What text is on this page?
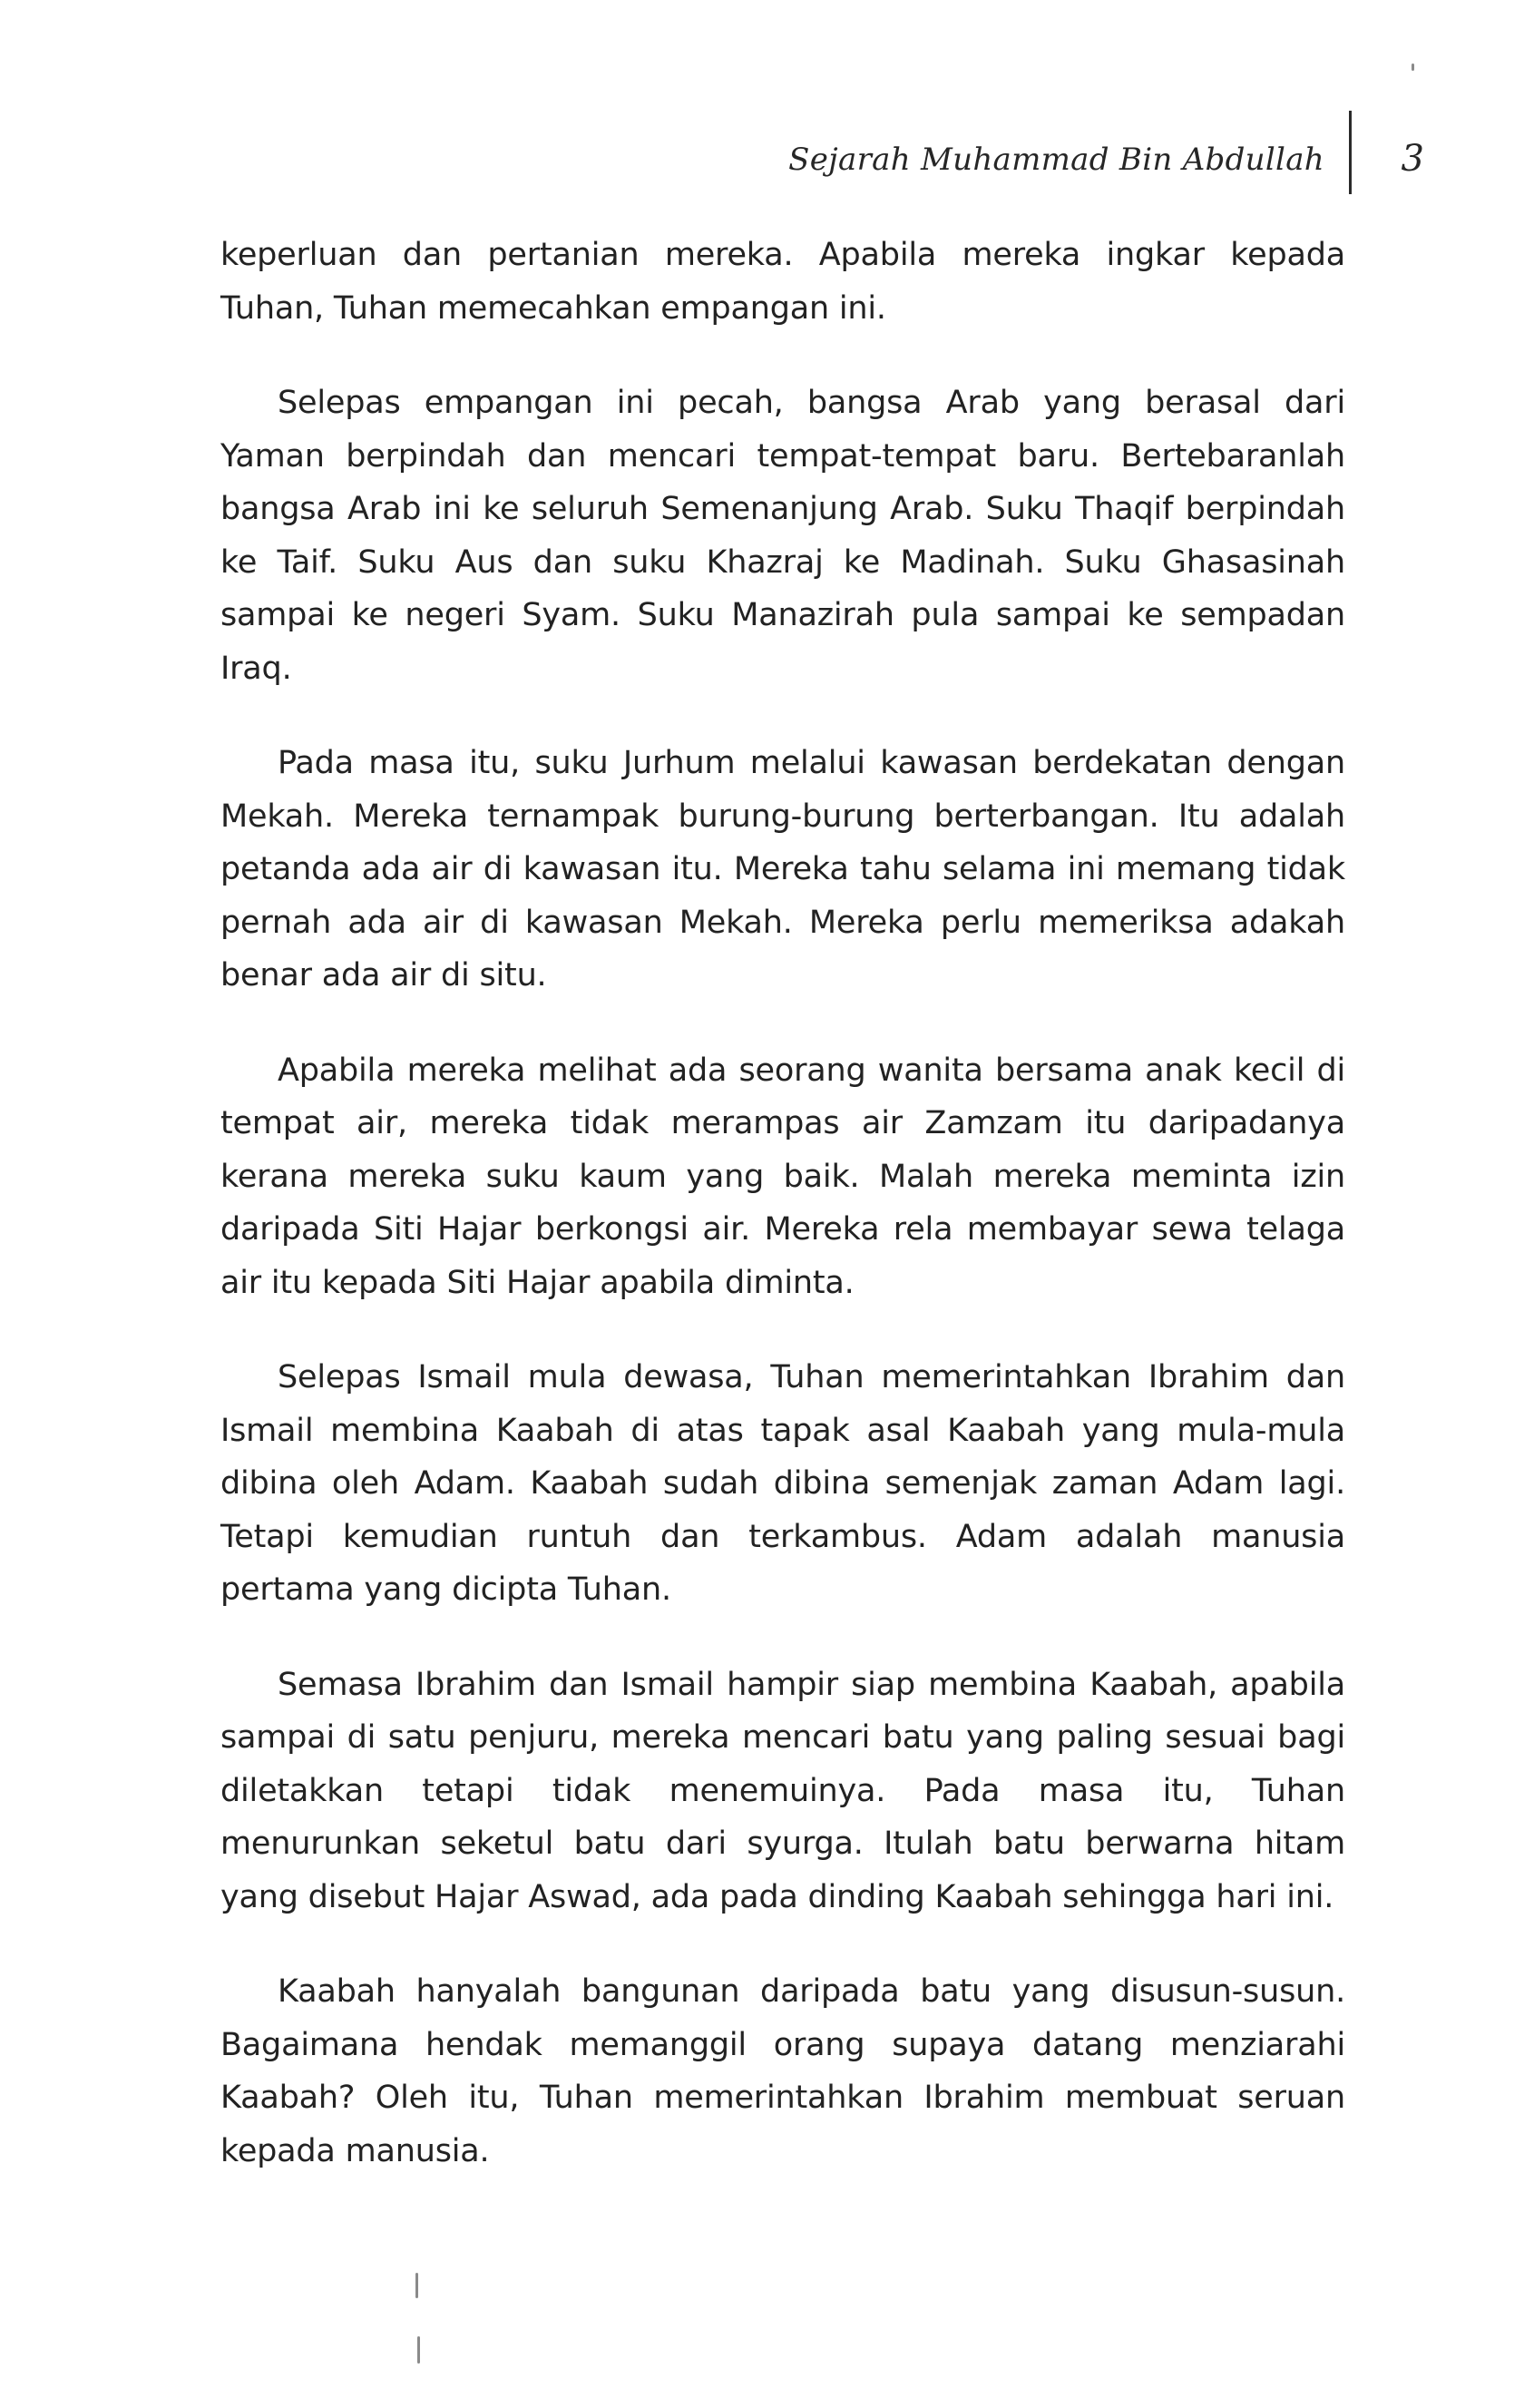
Sejarah Muhammad Bin Abdullah 3

keperluan dan pertanian mereka. Apabila mereka ingkar kepada Tuhan, Tuhan memecahkan empangan ini.

Selepas empangan ini pecah, bangsa Arab yang berasal dari Yaman berpindah dan mencari tempat-tempat baru. Bertebaranlah bangsa Arab ini ke seluruh Semenanjung Arab. Suku Thaqif berpindah ke Taif. Suku Aus dan suku Khazraj ke Madinah. Suku Ghasasinah sampai ke negeri Syam. Suku Manazirah pula sampai ke sempadan Iraq.

Pada masa itu, suku Jurhum melalui kawasan berdekatan dengan Mekah. Mereka ternampak burung-burung berterbangan. Itu adalah petanda ada air di kawasan itu. Mereka tahu selama ini memang tidak pernah ada air di kawasan Mekah. Mereka perlu memeriksa adakah benar ada air di situ.

Apabila mereka melihat ada seorang wanita bersama anak kecil di tempat air, mereka tidak merampas air Zamzam itu daripadanya kerana mereka suku kaum yang baik. Malah mereka meminta izin daripada Siti Hajar berkongsi air. Mereka rela membayar sewa telaga air itu kepada Siti Hajar apabila diminta.

Selepas Ismail mula dewasa, Tuhan memerintahkan Ibrahim dan Ismail membina Kaabah di atas tapak asal Kaabah yang mula-mula dibina oleh Adam. Kaabah sudah dibina semenjak zaman Adam lagi. Tetapi kemudian runtuh dan terkambus. Adam adalah manusia pertama yang dicipta Tuhan.

Semasa Ibrahim dan Ismail hampir siap membina Kaabah, apabila sampai di satu penjuru, mereka mencari batu yang paling sesuai bagi diletakkan tetapi tidak menemuinya. Pada masa itu, Tuhan menurunkan seketul batu dari syurga. Itulah batu berwarna hitam yang disebut Hajar Aswad, ada pada dinding Kaabah sehingga hari ini.

Kaabah hanyalah bangunan daripada batu yang disusun-susun. Bagaimana hendak memanggil orang supaya datang menziarahi Kaabah? Oleh itu, Tuhan memerintahkan Ibrahim membuat seruan kepada manusia.
